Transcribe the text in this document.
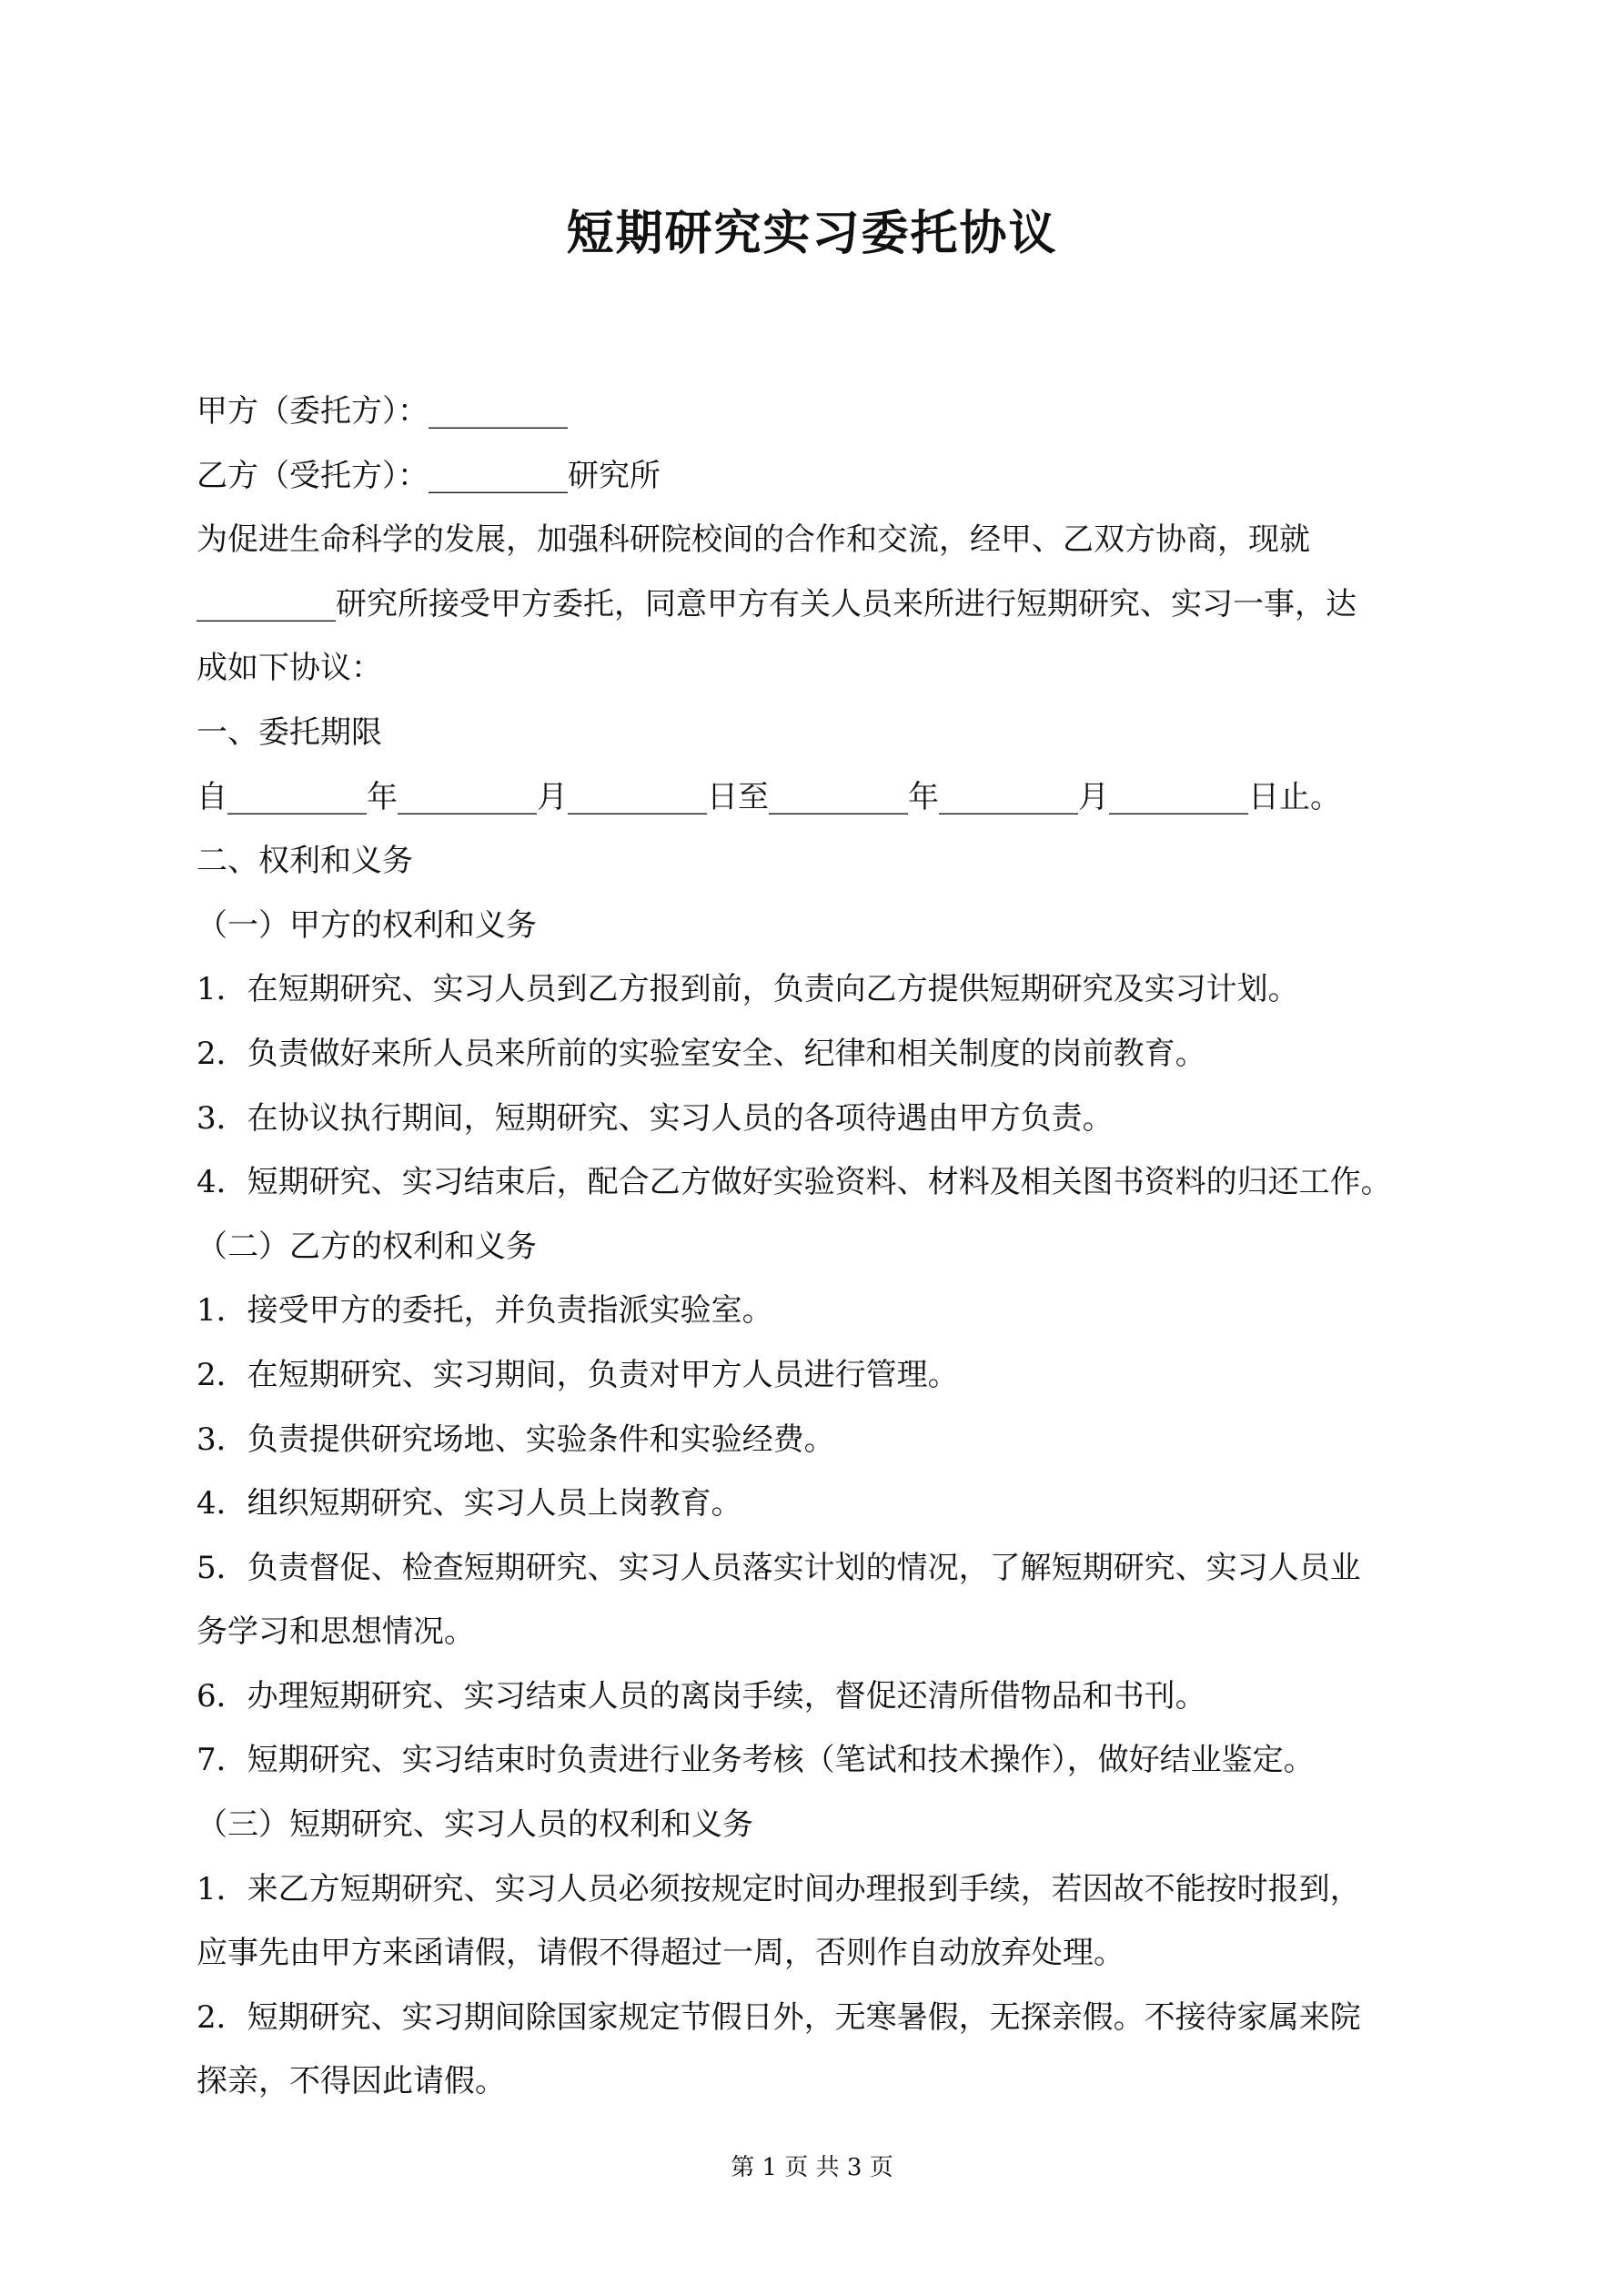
短期研究实习委托协议

甲方（委托方）：_________

乙方（受托方）：_________研究所

为促进生命科学的发展，加强科研院校间的合作和交流，经甲、乙双方协商，现就

_________研究所接受甲方委托，同意甲方有关人员来所进行短期研究、实习一事，达

成如下协议：

一、委托期限

自_________年_________月_________日至_________年_________月_________日止。

二、权利和义务

（一）甲方的权利和义务

1．在短期研究、实习人员到乙方报到前，负责向乙方提供短期研究及实习计划。

2．负责做好来所人员来所前的实验室安全、纪律和相关制度的岗前教育。

3．在协议执行期间，短期研究、实习人员的各项待遇由甲方负责。

4．短期研究、实习结束后，配合乙方做好实验资料、材料及相关图书资料的归还工作。

（二）乙方的权利和义务

1．接受甲方的委托，并负责指派实验室。

2．在短期研究、实习期间，负责对甲方人员进行管理。

3．负责提供研究场地、实验条件和实验经费。

4．组织短期研究、实习人员上岗教育。

5．负责督促、检查短期研究、实习人员落实计划的情况，了解短期研究、实习人员业

务学习和思想情况。

6．办理短期研究、实习结束人员的离岗手续，督促还清所借物品和书刊。

7．短期研究、实习结束时负责进行业务考核（笔试和技术操作），做好结业鉴定。

（三）短期研究、实习人员的权利和义务

1．来乙方短期研究、实习人员必须按规定时间办理报到手续，若因故不能按时报到，

应事先由甲方来函请假，请假不得超过一周，否则作自动放弃处理。

2．短期研究、实习期间除国家规定节假日外，无寒暑假，无探亲假。不接待家属来院

探亲，不得因此请假。

第 1 页 共 3 页
